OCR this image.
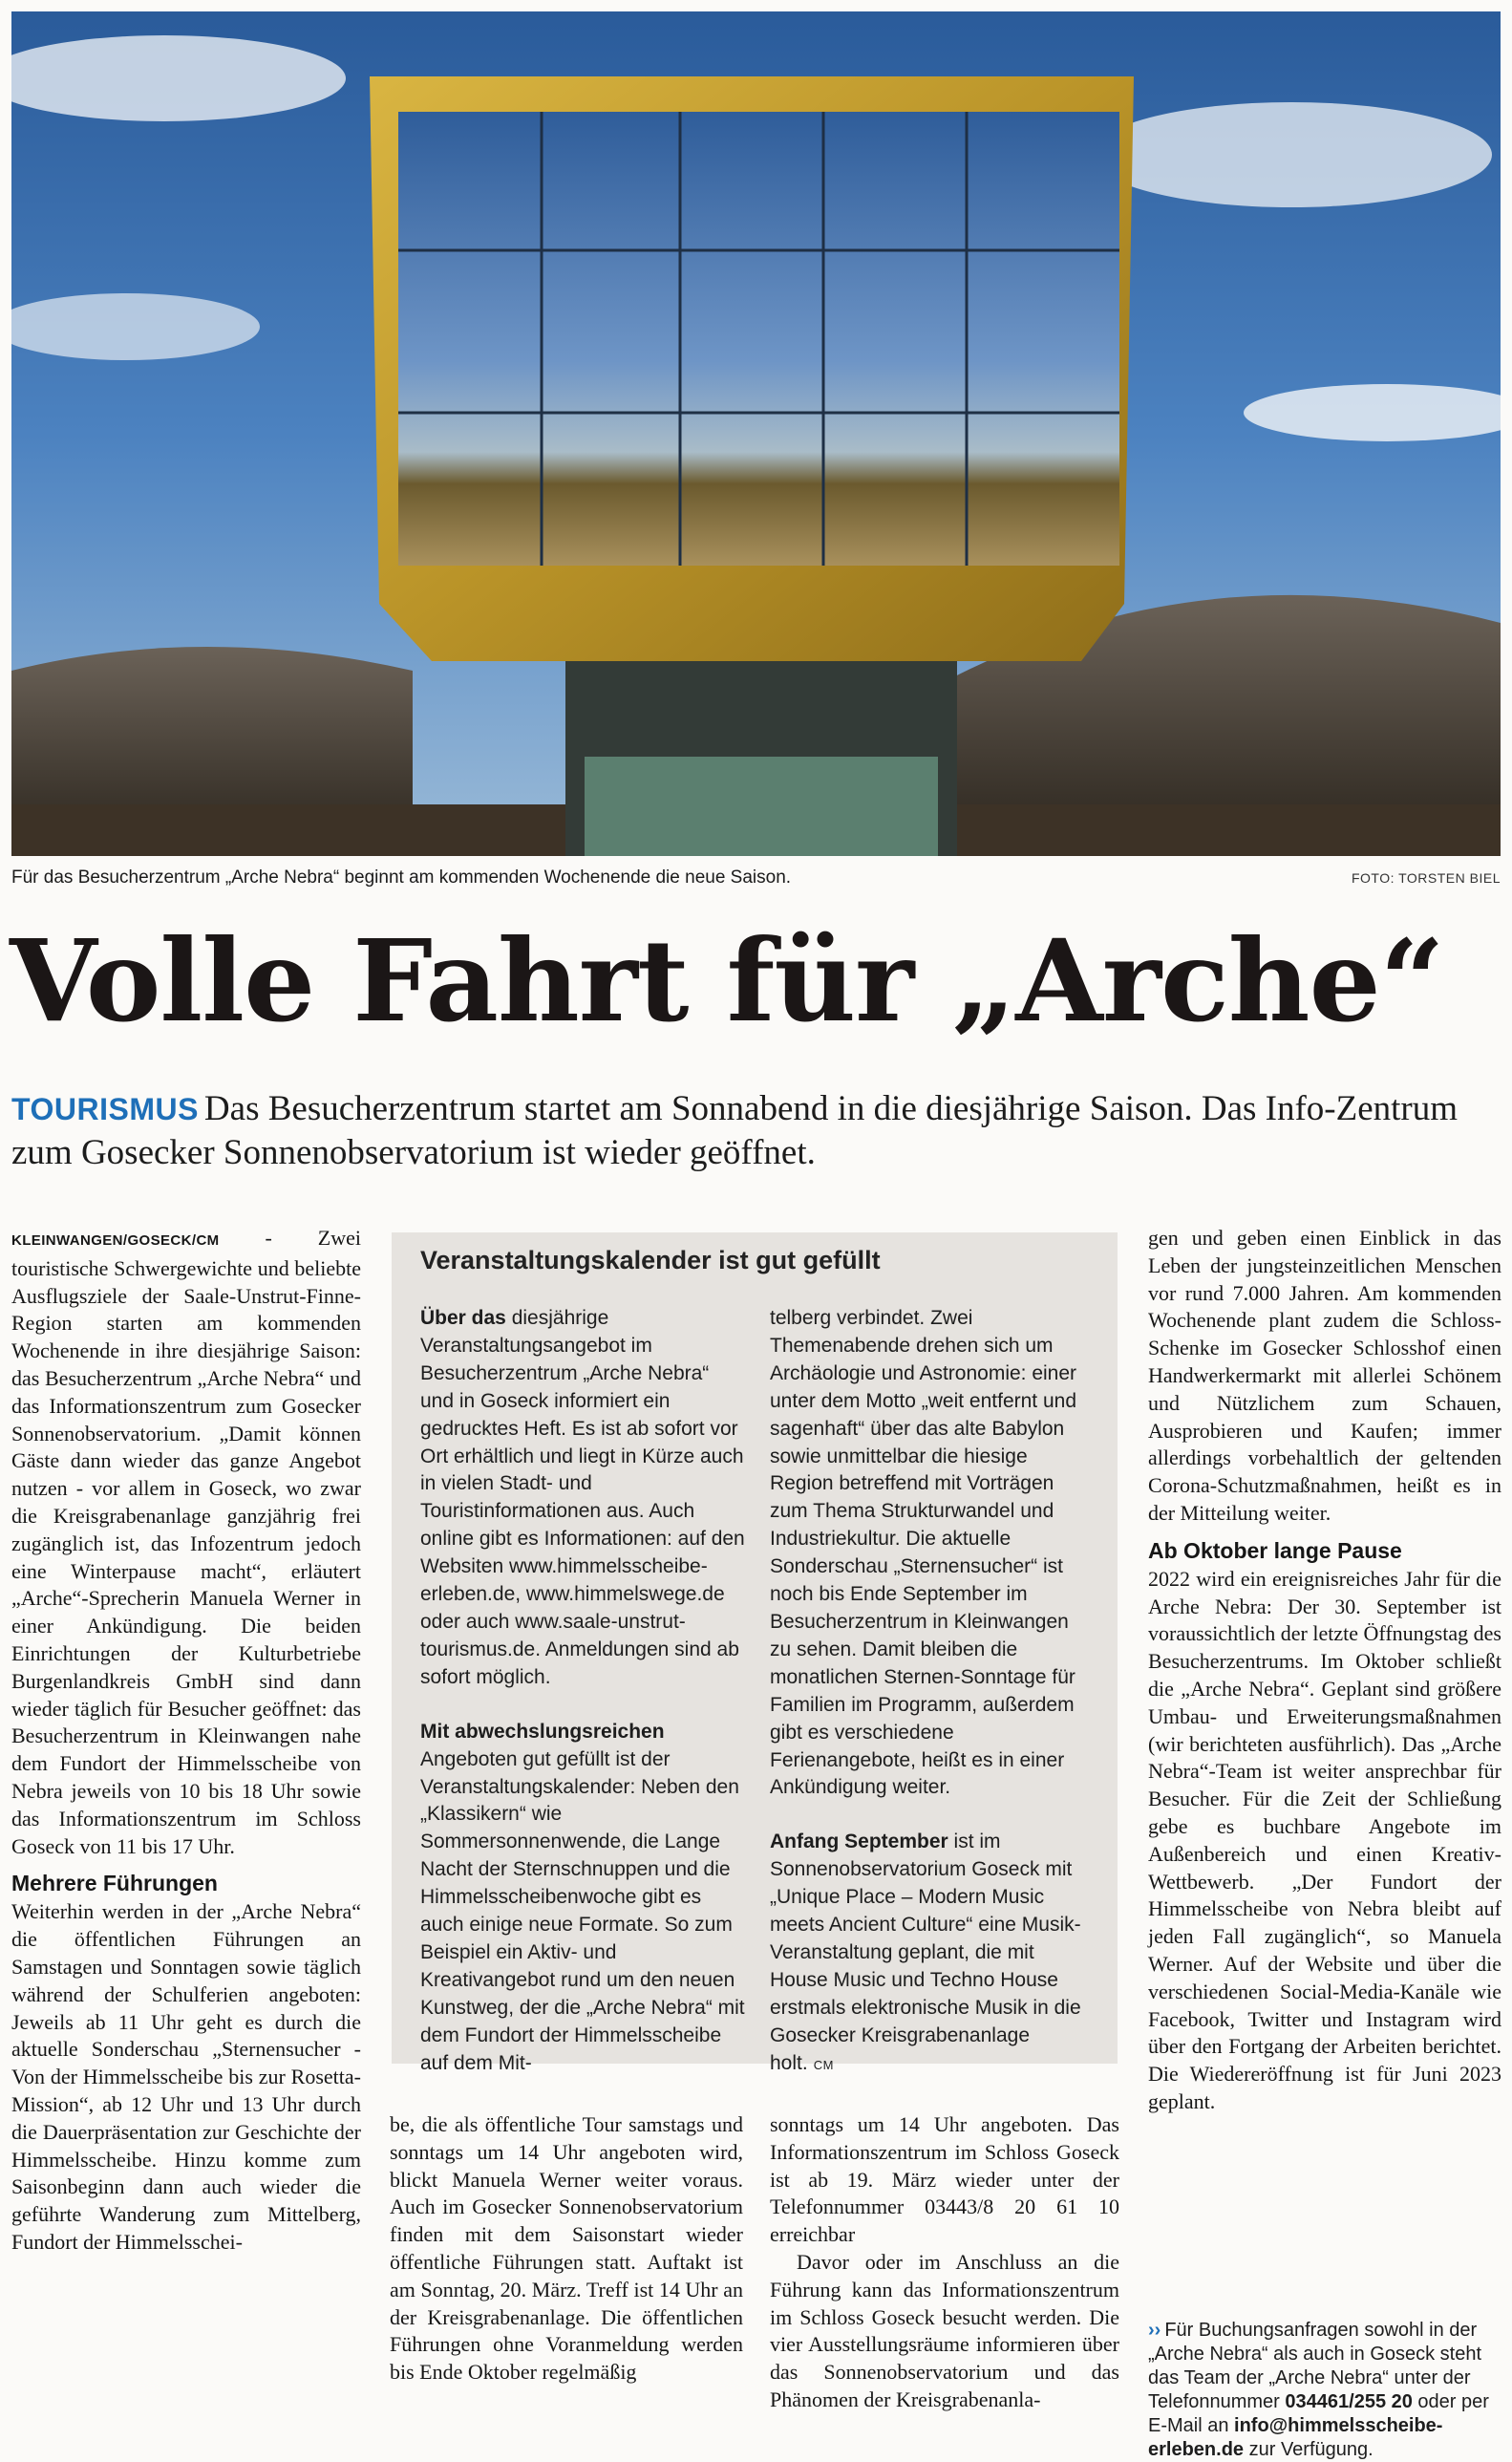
Für das Besucherzentrum „Arche Nebra“ beginnt am kommenden Wochenende die neue Saison.	FOTO: TORSTEN BIEL
Volle Fahrt für „Arche“
TOURISMUS Das Besucherzentrum startet am Sonnabend in die diesjährige Saison. Das Info-Zentrum zum Gosecker Sonnenobservatorium ist wieder geöffnet.

KLEINWANGEN/GOSECK/CM - Zwei touristische Schwergewichte und beliebte Ausflugsziele der Saale-Unstrut-Finne-Region starten am kommenden Wochenende in ihre diesjährige Saison: das Besucherzentrum „Arche Nebra“ und das Informationszentrum zum Gosecker Sonnenobservatorium. „Damit können Gäste dann wieder das ganze Angebot nutzen - vor allem in Goseck, wo zwar die Kreisgrabenanlage ganzjährig frei zugänglich ist, das Infozentrum jedoch eine Winterpause macht“, erläutert „Arche“-Sprecherin Manuela Werner in einer Ankündigung. Die beiden Einrichtungen der Kulturbetriebe Burgenlandkreis GmbH sind dann wieder täglich für Besucher geöffnet: das Besucherzentrum in Kleinwangen nahe dem Fundort der Himmelsscheibe von Nebra jeweils von 10 bis 18 Uhr sowie das Informationszentrum im Schloss Goseck von 11 bis 17 Uhr.

Mehrere Führungen

Weiterhin werden in der „Arche Nebra“ die öffentlichen Führungen an Samstagen und Sonntagen sowie täglich während der Schulferien angeboten: Jeweils ab 11 Uhr geht es durch die aktuelle Sonderschau „Sternensucher - Von der Himmelsscheibe bis zur Rosetta-Mission“, ab 12 Uhr und 13 Uhr durch die Dauerpräsentation zur Geschichte der Himmelsscheibe. Hinzu komme zum Saisonbeginn dann auch wieder die geführte Wanderung zum Mittelberg, Fundort der Himmelsschei-

Veranstaltungskalender ist gut gefüllt

Über das diesjährige Veranstaltungsangebot im Besucherzentrum „Arche Nebra“ und in Goseck informiert ein gedrucktes Heft. Es ist ab sofort vor Ort erhältlich und liegt in Kürze auch in vielen Stadt- und Touristinformationen aus. Auch online gibt es Informationen: auf den Websiten www.himmelsscheibe-erleben.de, www.himmelswege.de oder auch www.saale-unstrut-tourismus.de. Anmeldungen sind ab sofort möglich.

Mit abwechslungsreichen Angeboten gut gefüllt ist der Veranstaltungskalender: Neben den „Klassikern“ wie Sommersonnenwende, die Lange Nacht der Sternschnuppen und die Himmelsscheibenwoche gibt es auch einige neue Formate. So zum Beispiel ein Aktiv- und Kreativangebot rund um den neuen Kunstweg, der die „Arche Nebra“ mit dem Fundort der Himmelsscheibe auf dem Mit-

telberg verbindet. Zwei Themenabende drehen sich um Archäologie und Astronomie: einer unter dem Motto „weit entfernt und sagenhaft“ über das alte Babylon sowie unmittelbar die hiesige Region betreffend mit Vorträgen zum Thema Strukturwandel und Industriekultur. Die aktuelle Sonderschau „Sternensucher“ ist noch bis Ende September im Besucherzentrum in Kleinwangen zu sehen. Damit bleiben die monatlichen Sternen-Sonntage für Familien im Programm, außerdem gibt es verschiedene Ferienangebote, heißt es in einer Ankündigung weiter.

Anfang September ist im Sonnenobservatorium Goseck mit „Unique Place – Modern Music meets Ancient Culture“ eine Musik-Veranstaltung geplant, die mit House Music und Techno House erstmals elektronische Musik in die Gosecker Kreisgrabenanlage holt. CM

be, die als öffentliche Tour samstags und sonntags um 14 Uhr angeboten wird, blickt Manuela Werner weiter voraus. Auch im Gosecker Sonnenobservatorium finden mit dem Saisonstart wieder öffentliche Führungen statt. Auftakt ist am Sonntag, 20. März. Treff ist 14 Uhr an der Kreisgrabenanlage. Die öffentlichen Führungen ohne Voranmeldung werden bis Ende Oktober regelmäßig

sonntags um 14 Uhr angeboten. Das Informationszentrum im Schloss Goseck ist ab 19. März wieder unter der Telefonnummer 03443/8 20 61 10 erreichbar

Davor oder im Anschluss an die Führung kann das Informationszentrum im Schloss Goseck besucht werden. Die vier Ausstellungsräume informieren über das Sonnenobservatorium und das Phänomen der Kreisgrabenanla-

gen und geben einen Einblick in das Leben der jungsteinzeitlichen Menschen vor rund 7.000 Jahren. Am kommenden Wochenende plant zudem die Schloss-Schenke im Gosecker Schlosshof einen Handwerkermarkt mit allerlei Schönem und Nützlichem zum Schauen, Ausprobieren und Kaufen; immer allerdings vorbehaltlich der geltenden Corona-Schutzmaßnahmen, heißt es in der Mitteilung weiter.

Ab Oktober lange Pause

2022 wird ein ereignisreiches Jahr für die Arche Nebra: Der 30. September ist voraussichtlich der letzte Öffnungstag des Besucherzentrums. Im Oktober schließt die „Arche Nebra“. Geplant sind größere Umbau- und Erweiterungsmaßnahmen (wir berichteten ausführlich). Das „Arche Nebra“-Team ist weiter ansprechbar für Besucher. Für die Zeit der Schließung gebe es buchbare Angebote im Außenbereich und einen Kreativ-Wettbewerb. „Der Fundort der Himmelsscheibe von Nebra bleibt auf jeden Fall zugänglich“, so Manuela Werner. Auf der Website und über die verschiedenen Social-Media-Kanäle wie Facebook, Twitter und Instagram wird über den Fortgang der Arbeiten berichtet. Die Wiedereröffnung ist für Juni 2023 geplant.

›› Für Buchungsanfragen sowohl in der „Arche Nebra“ als auch in Goseck steht das Team der „Arche Nebra“ unter der Telefonnummer 034461/255 20 oder per E-Mail an info@himmelsscheibe-erleben.de zur Verfügung.
